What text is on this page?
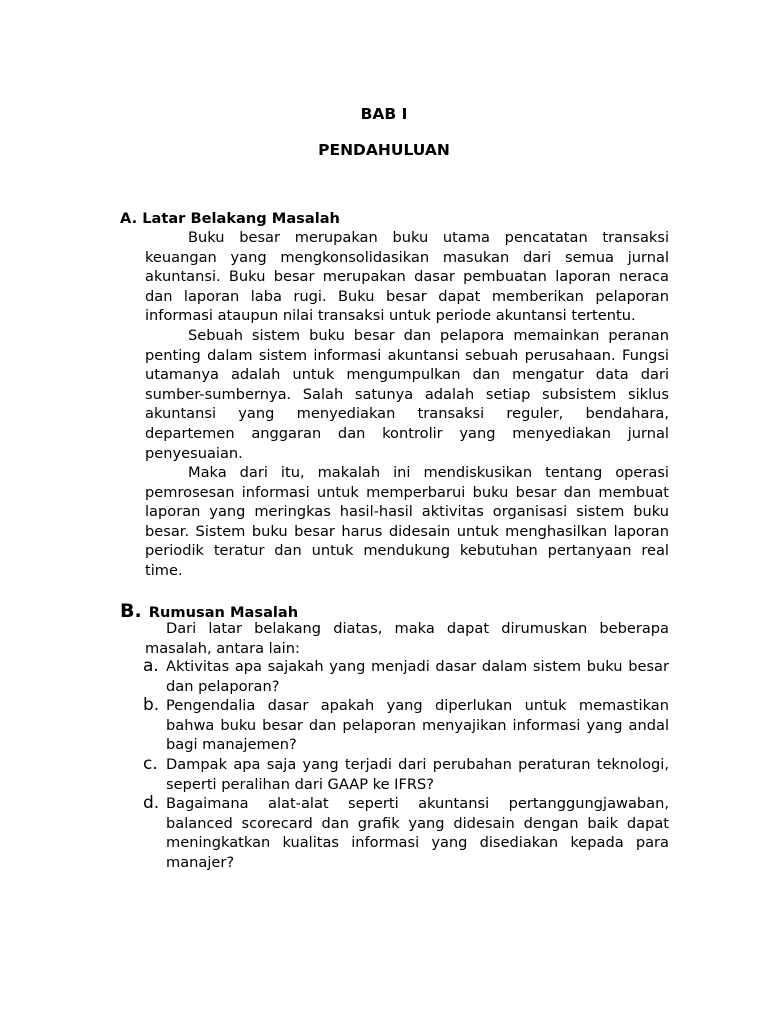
BAB I
PENDAHULUAN
A. Latar Belakang Masalah

Buku besar merupakan buku utama pencatatan transaksi keuangan yang mengkonsolidasikan masukan dari semua jurnal akuntansi. Buku besar merupakan dasar pembuatan laporan neraca dan laporan laba rugi. Buku besar dapat memberikan pelaporan informasi ataupun nilai transaksi untuk periode akuntansi tertentu.

Sebuah sistem buku besar dan pelapora memainkan peranan penting dalam sistem informasi akuntansi sebuah perusahaan. Fungsi utamanya adalah untuk mengumpulkan dan mengatur data dari sumber-sumbernya. Salah satunya adalah setiap subsistem siklus akuntansi yang menyediakan transaksi reguler, bendahara, departemen anggaran dan kontrolir yang menyediakan jurnal penyesuaian.

Maka dari itu, makalah ini mendiskusikan tentang operasi pemrosesan informasi untuk memperbarui buku besar dan membuat laporan yang meringkas hasil-hasil aktivitas organisasi sistem buku besar. Sistem buku besar harus didesain untuk menghasilkan laporan periodik teratur dan untuk mendukung kebutuhan pertanyaan real time.

B. Rumusan Masalah

Dari latar belakang diatas, maka dapat dirumuskan beberapa masalah, antara lain:

a. Aktivitas apa sajakah yang menjadi dasar dalam sistem buku besar dan pelaporan?
b. Pengendalia dasar apakah yang diperlukan untuk memastikan bahwa buku besar dan pelaporan menyajikan informasi yang andal bagi manajemen?
c. Dampak apa saja yang terjadi dari perubahan peraturan teknologi, seperti peralihan dari GAAP ke IFRS?
d. Bagaimana alat-alat seperti akuntansi pertanggungjawaban, balanced scorecard dan grafik yang didesain dengan baik dapat meningkatkan kualitas informasi yang disediakan kepada para manajer?
